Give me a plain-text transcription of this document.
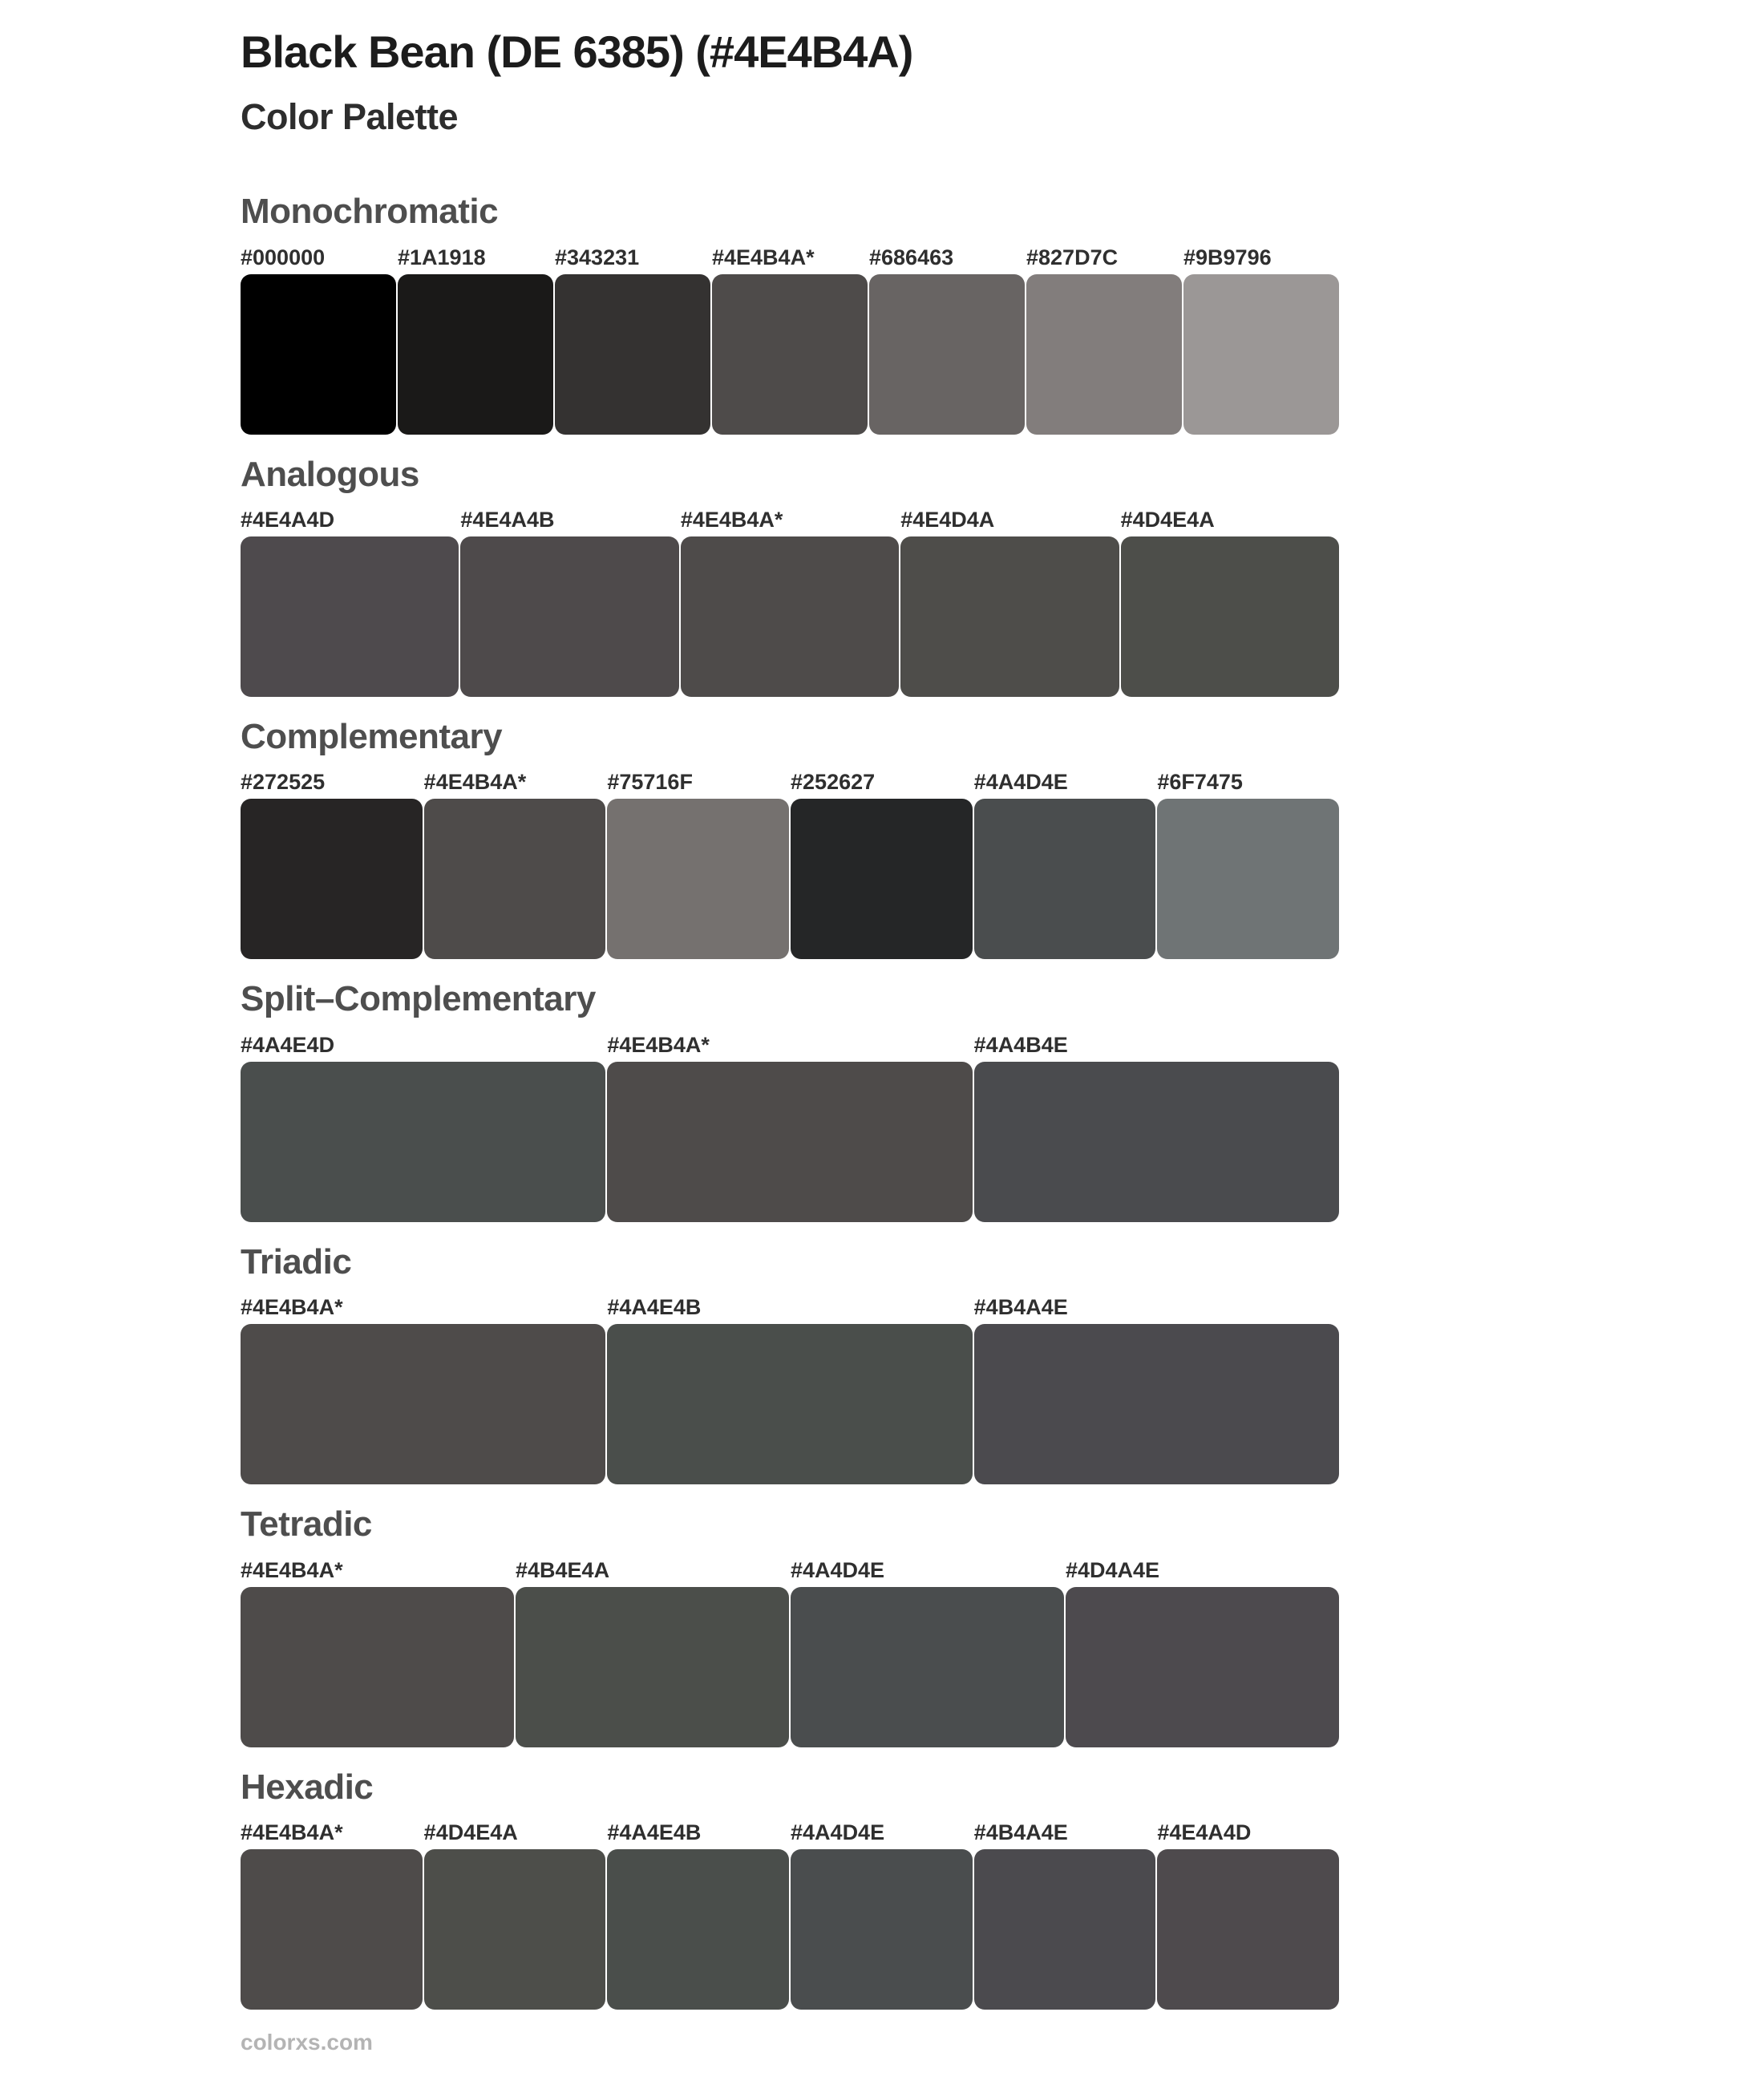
Black Bean (DE 6385) (#4E4B4A)
Color Palette
Monochromatic
#000000	#1A1918	#343231	#4E4B4A*	#686463	#827D7C	#9B9796
Analogous
#4E4A4D	#4E4A4B	#4E4B4A*	#4E4D4A	#4D4E4A
Complementary
#272525	#4E4B4A*	#75716F	#252627	#4A4D4E	#6F7475
Split–Complementary
#4A4E4D	#4E4B4A*	#4A4B4E
Triadic
#4E4B4A*	#4A4E4B	#4B4A4E
Tetradic
#4E4B4A*	#4B4E4A	#4A4D4E	#4D4A4E
Hexadic
#4E4B4A*	#4D4E4A	#4A4E4B	#4A4D4E	#4B4A4E	#4E4A4D
colorxs.com
